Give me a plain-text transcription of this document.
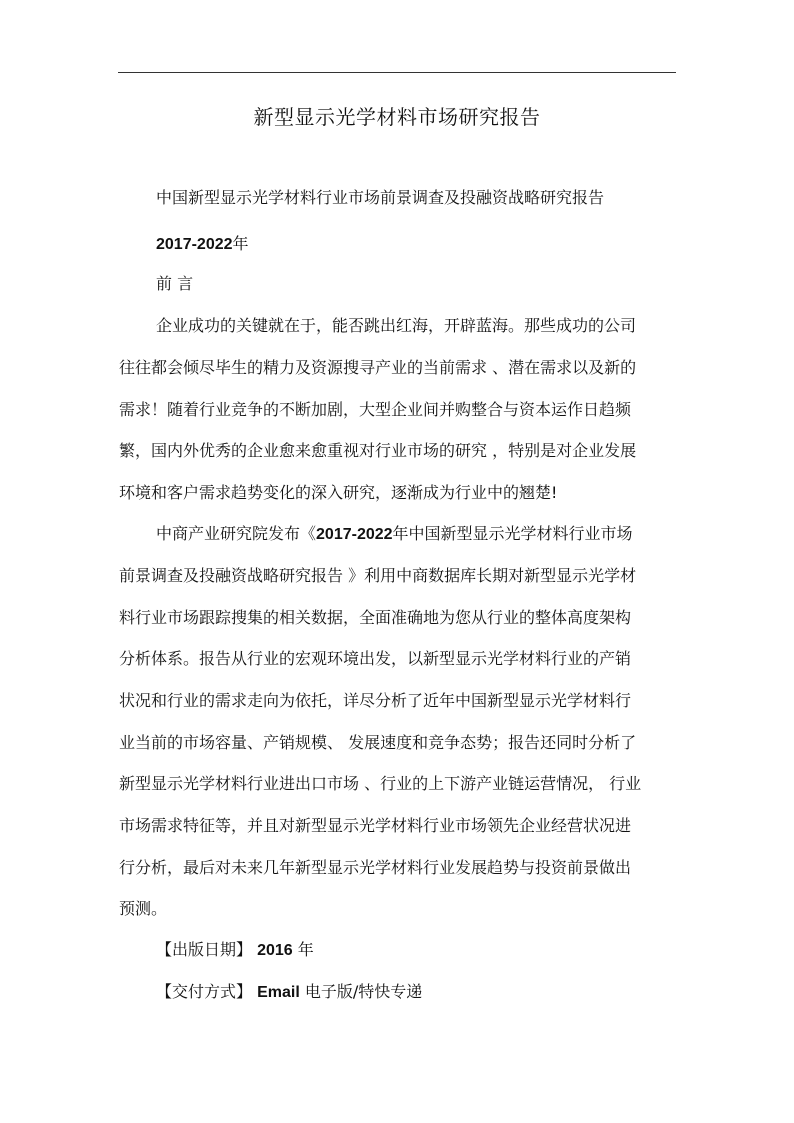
新型显示光学材料市场研究报告
中国新型显示光学材料行业市场前景调查及投融资战略研究报告
2017-2022年
前 言
企业成功的关键就在于，能否跳出红海，开辟蓝海。那些成功的公司
往往都会倾尽毕生的精力及资源搜寻产业的当前需求 、潜在需求以及新的
需求！随着行业竞争的不断加剧，大型企业间并购整合与资本运作日趋频
繁，国内外优秀的企业愈来愈重视对行业市场的研究 ，特别是对企业发展
环境和客户需求趋势变化的深入研究，逐渐成为行业中的翘楚!
中商产业研究院发布《2017-2022年中国新型显示光学材料行业市场
前景调查及投融资战略研究报告 》利用中商数据库长期对新型显示光学材
料行业市场跟踪搜集的相关数据，全面准确地为您从行业的整体高度架构
分析体系。报告从行业的宏观环境出发，以新型显示光学材料行业的产销
状况和行业的需求走向为依托，详尽分析了近年中国新型显示光学材料行
业当前的市场容量、产销规模、 发展速度和竞争态势；报告还同时分析了
新型显示光学材料行业进出口市场 、行业的上下游产业链运营情况， 行业
市场需求特征等，并且对新型显示光学材料行业市场领先企业经营状况进
行分析，最后对未来几年新型显示光学材料行业发展趋势与投资前景做出
预测。
【出版日期】 2016 年
【交付方式】 Email 电子版/特快专递
